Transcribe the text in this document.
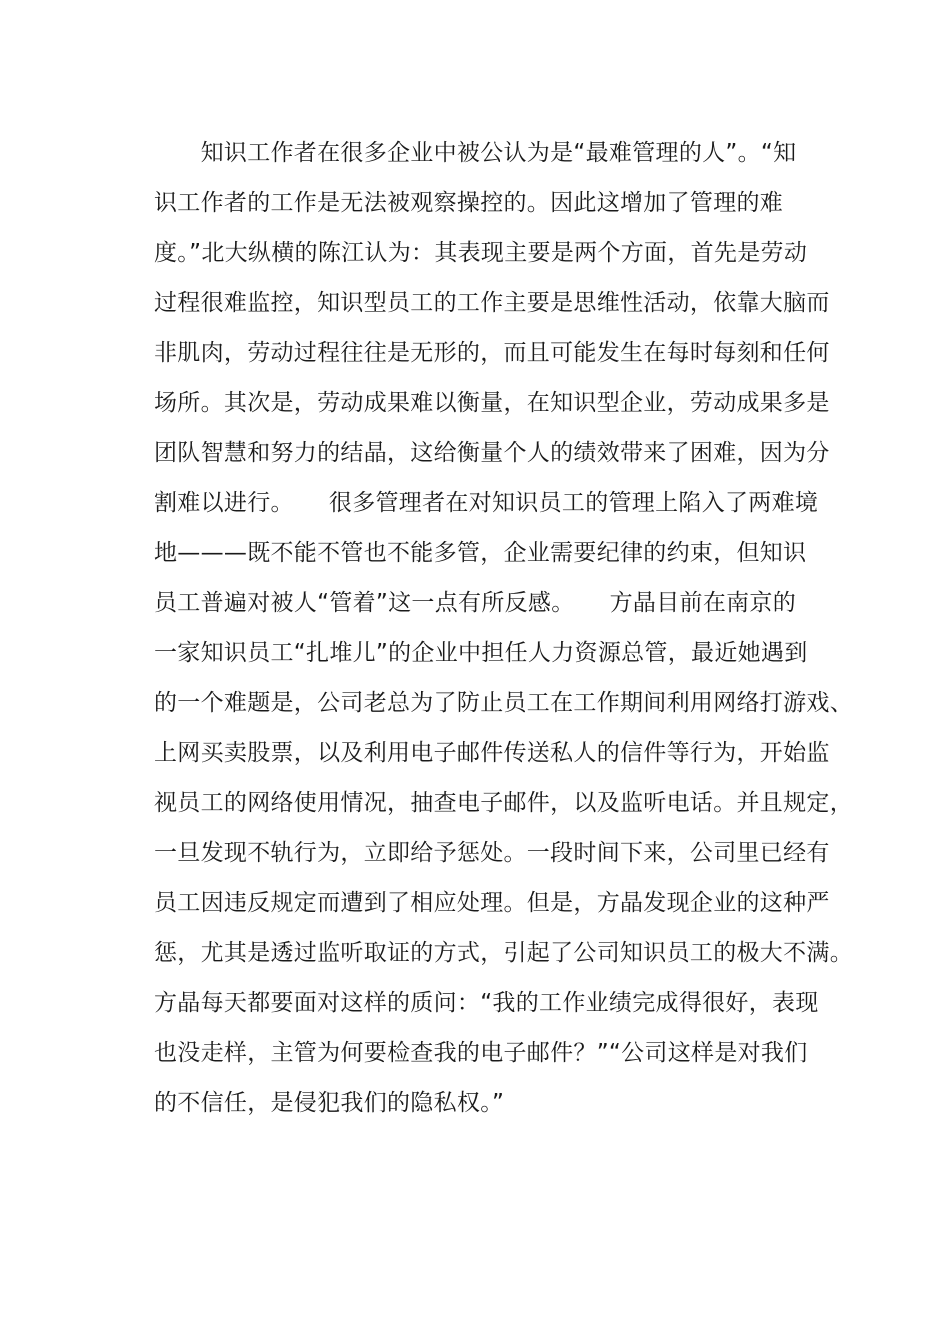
　　知识工作者在很多企业中被公认为是“最难管理的人”。“知
识工作者的工作是无法被观察操控的。因此这增加了管理的难
度。”北大纵横的陈江认为：其表现主要是两个方面，首先是劳动
过程很难监控，知识型员工的工作主要是思维性活动，依靠大脑而
非肌肉，劳动过程往往是无形的，而且可能发生在每时每刻和任何
场所。其次是，劳动成果难以衡量，在知识型企业，劳动成果多是
团队智慧和努力的结晶，这给衡量个人的绩效带来了困难，因为分
割难以进行。　　很多管理者在对知识员工的管理上陷入了两难境
地———既不能不管也不能多管，企业需要纪律的约束，但知识
员工普遍对被人“管着”这一点有所反感。　　方晶目前在南京的
一家知识员工“扎堆儿”的企业中担任人力资源总管，最近她遇到
的一个难题是，公司老总为了防止员工在工作期间利用网络打游戏、
上网买卖股票，以及利用电子邮件传送私人的信件等行为，开始监
视员工的网络使用情况，抽查电子邮件，以及监听电话。并且规定，
一旦发现不轨行为，立即给予惩处。一段时间下来，公司里已经有
员工因违反规定而遭到了相应处理。但是，方晶发现企业的这种严
惩，尤其是透过监听取证的方式，引起了公司知识员工的极大不满。
方晶每天都要面对这样的质问：“我的工作业绩完成得很好，表现
也没走样，主管为何要检查我的电子邮件？”“公司这样是对我们
的不信任，是侵犯我们的隐私权。”
